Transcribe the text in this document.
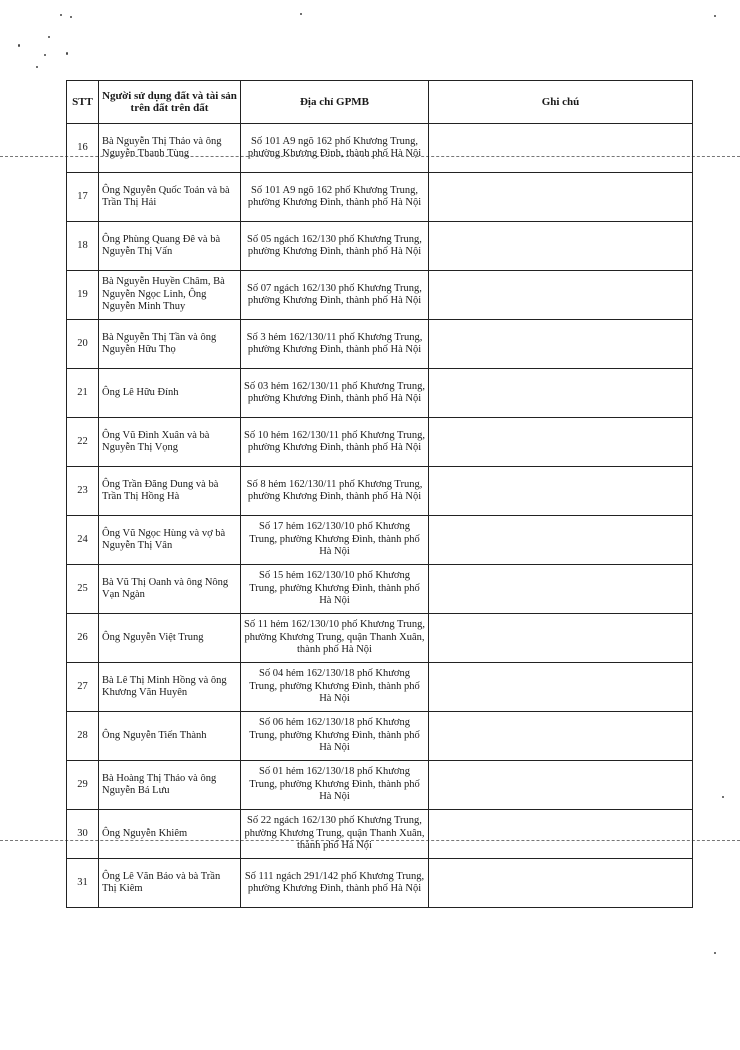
STT	Người sử dụng đất và tài sản trên đất trên đất	Địa chỉ GPMB	Ghi chú
16	Bà Nguyễn Thị Thảo và ông Nguyễn Thanh Tùng	Số 101 A9 ngõ 162 phố Khương Trung, phường Khương Đình, thành phố Hà Nội	
17	Ông Nguyễn Quốc Toản và bà Trần Thị Hải	Số 101 A9 ngõ 162 phố Khương Trung, phường Khương Đình, thành phố Hà Nội	
18	Ông Phùng Quang Đê và bà Nguyễn Thị Vấn	Số 05 ngách 162/130 phố Khương Trung, phường Khương Đình, thành phố Hà Nội	
19	Bà Nguyễn Huyền Châm, Bà Nguyễn Ngọc Linh, Ông Nguyễn Minh Thuy	Số 07 ngách 162/130 phố Khương Trung, phường Khương Đình, thành phố Hà Nội	
20	Bà Nguyễn Thị Tần và ông Nguyễn Hữu Thọ	Số 3 hẻm 162/130/11 phố Khương Trung, phường Khương Đình, thành phố Hà Nội	
21	Ông Lê Hữu Đính	Số 03 hẻm 162/130/11 phố Khương Trung, phường Khương Đình, thành phố Hà Nội	
22	Ông Vũ Đình Xuân và bà Nguyễn Thị Vọng	Số 10 hẻm 162/130/11 phố Khương Trung, phường Khương Đình, thành phố Hà Nội	
23	Ông Trần Đăng Dung và bà Trần Thị Hồng Hà	Số 8 hẻm 162/130/11 phố Khương Trung, phường Khương Đình, thành phố Hà Nội	
24	Ông Vũ Ngọc Hùng và vợ bà Nguyễn Thị Vân	Số 17 hẻm 162/130/10 phố Khương Trung, phường Khương Đình, thành phố Hà Nội	
25	Bà Vũ Thị Oanh và ông Nông Vạn Ngàn	Số 15 hẻm 162/130/10 phố Khương Trung, phường Khương Đình, thành phố Hà Nội	
26	Ông Nguyễn Việt Trung	Số 11 hẻm 162/130/10 phố Khương Trung, phường Khương Trung, quận Thanh Xuân, thành phố Hà Nội	
27	Bà Lê Thị Minh Hồng và ông Khương Văn Huyên	Số 04 hẻm 162/130/18 phố Khương Trung, phường Khương Đình, thành phố Hà Nội	
28	Ông Nguyễn Tiến Thành	Số 06 hẻm 162/130/18 phố Khương Trung, phường Khương Đình, thành phố Hà Nội	
29	Bà Hoàng Thị Thảo và ông Nguyễn Bá Lưu	Số 01 hẻm 162/130/18 phố Khương Trung, phường Khương Đình, thành phố Hà Nội	
30	Ông Nguyễn Khiêm	Số 22 ngách 162/130 phố Khương Trung, phường Khương Trung, quận Thanh Xuân, thành phố Hà Nội	
31	Ông Lê Văn Bảo và bà Trần Thị Kiêm	Số 111 ngách 291/142 phố Khương Trung, phường Khương Đình, thành phố Hà Nội	
